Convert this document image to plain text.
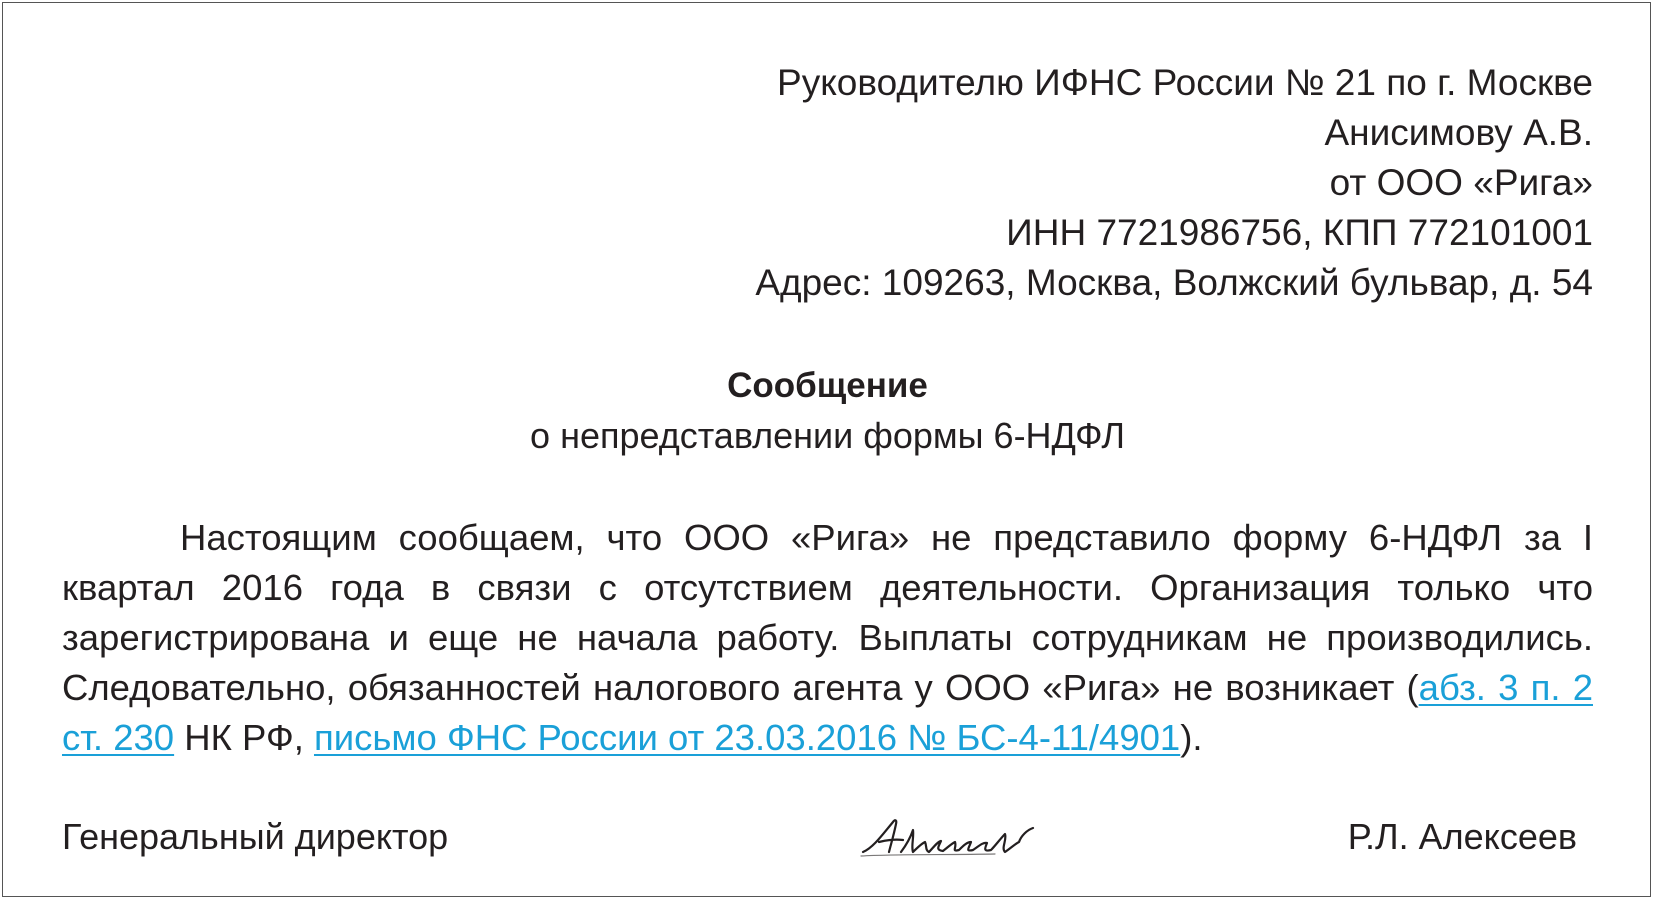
Руководителю ИФНС России № 21 по г. Москве
Анисимову А.В.
от ООО «Рига»
ИНН 7721986756, КПП 772101001
Адрес: 109263, Москва, Волжский бульвар, д. 54
Сообщение
о непредставлении формы 6-НДФЛ

Настоящим сообщаем, что ООО «Рига» не представило форму 6-НДФЛ за I квартал 2016 года в связи с отсутствием деятельности. Организация только что зарегистрирована и еще не начала работу. Выплаты сотрудникам не производились. Следовательно, обязанностей налогового агента у ООО «Рига» не возникает (абз. 3 п. 2 ст. 230 НК РФ, письмо ФНС России от 23.03.2016 № БС-4-11/4901).

Генеральный директор	Р.Л. Алексеев
